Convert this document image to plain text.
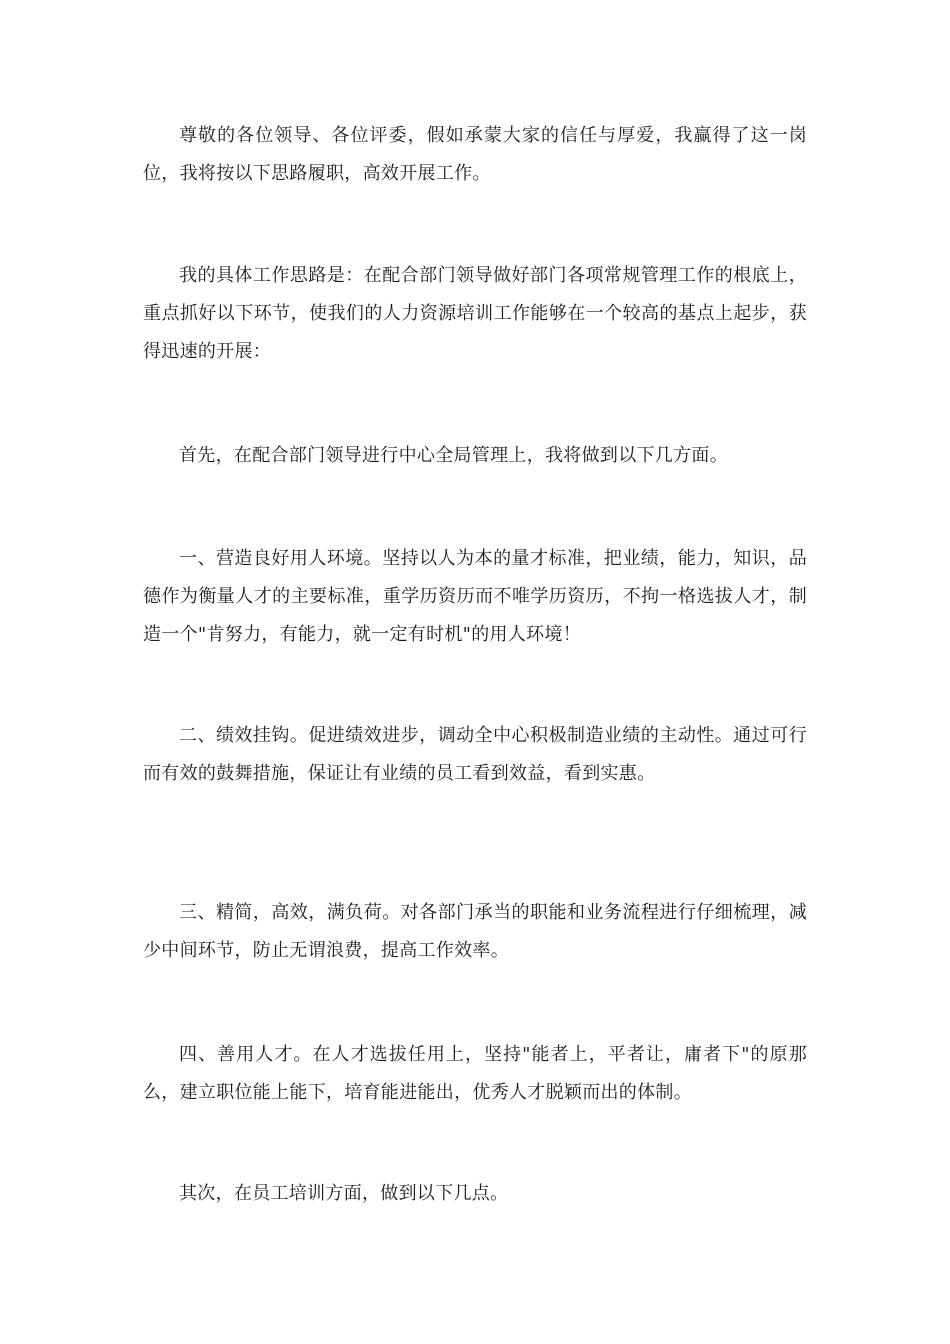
尊敬的各位领导、各位评委，假如承蒙大家的信任与厚爱，我赢得了这一岗位，我将按以下思路履职，高效开展工作。

我的具体工作思路是：在配合部门领导做好部门各项常规管理工作的根底上，重点抓好以下环节，使我们的人力资源培训工作能够在一个较高的基点上起步，获得迅速的开展：

首先，在配合部门领导进行中心全局管理上，我将做到以下几方面。

一、营造良好用人环境。坚持以人为本的量才标准，把业绩，能力，知识，品德作为衡量人才的主要标准，重学历资历而不唯学历资历，不拘一格选拔人才，制造一个"肯努力，有能力，就一定有时机"的用人环境！

二、绩效挂钩。促进绩效进步，调动全中心积极制造业绩的主动性。通过可行而有效的鼓舞措施，保证让有业绩的员工看到效益，看到实惠。

三、精简，高效，满负荷。对各部门承当的职能和业务流程进行仔细梳理，减少中间环节，防止无谓浪费，提高工作效率。

四、善用人才。在人才选拔任用上，坚持"能者上，平者让，庸者下"的原那么，建立职位能上能下，培育能进能出，优秀人才脱颖而出的体制。

其次，在员工培训方面，做到以下几点。
